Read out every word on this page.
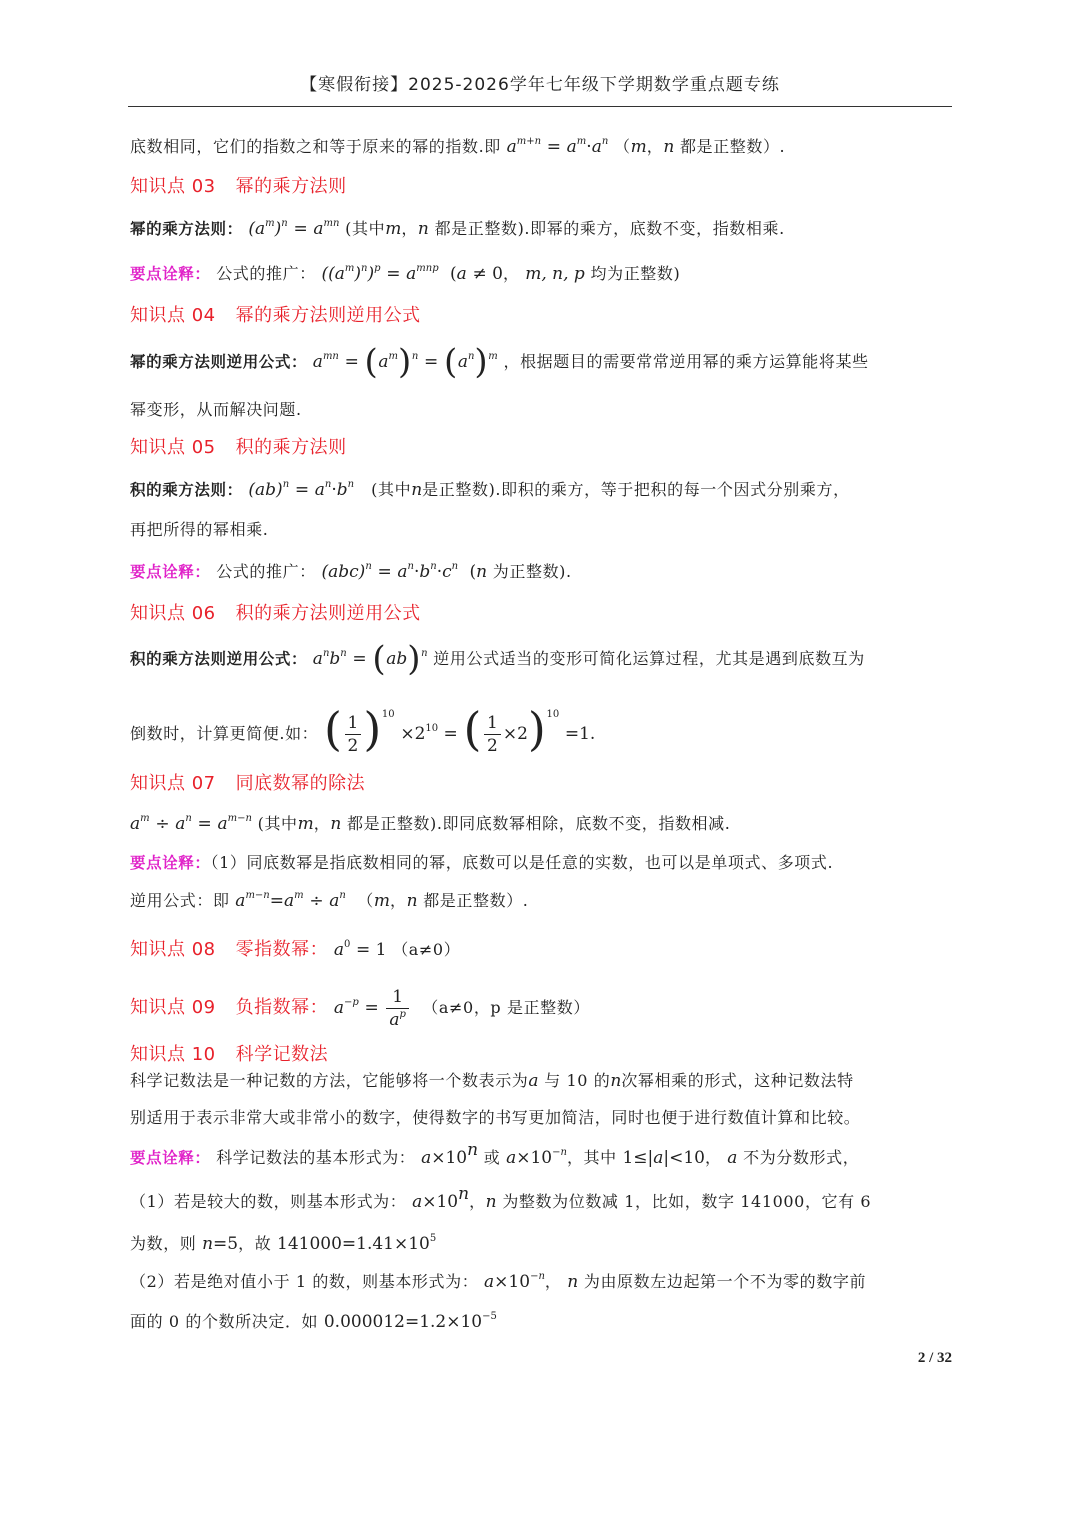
【寒假衔接】2025-2026学年七年级下学期数学重点题专练
底数相同，它们的指数之和等于原来的幂的指数.即 $a^{m+n} = a^m\cdot a^n$ （m，n 都是正整数）.
知识点 03 幂的乘方法则
幂的乘方法则： $(a^m)^n = a^{mn}$ (其中m，n 都是正整数).即幂的乘方，底数不变，指数相乘.
要点诠释： 公式的推广： $((a^m)^n)^p = a^{mnp}$ (a ≠ 0， m, n, p 均为正整数)
知识点 04 幂的乘方法则逆用公式
幂的乘方法则逆用公式： $a^{mn} = (a^m)^n = (a^n)^m$ ，根据题目的需要常常逆用幂的乘方运算能将某些
幂变形，从而解决问题.
知识点 05 积的乘方法则
积的乘方法则： $(ab)^n = a^n\cdot b^n$ (其中n是正整数).即积的乘方，等于把积的每一个因式分别乘方，
再把所得的幂相乘.
要点诠释： 公式的推广： $(abc)^n = a^n\cdot b^n\cdot c^n$ (n 为正整数).
知识点 06 积的乘方法则逆用公式
积的乘方法则逆用公式： $a^nb^n = (ab)^n$ 逆用公式适当的变形可简化运算过程，尤其是遇到底数互为
倒数时，计算更简便.如： ( $\frac{1}{2} )^{10} \times 2^{10}$ = ( $\frac{1}{2} \times 2)^{10} =1$.
知识点 07 同底数幂的除法
$a^m \div a^n = a^{m-n}$ (其中m，n 都是正整数).即同底数幂相除，底数不变，指数相减.
要点诠释：（1）同底数幂是指底数相同的幂，底数可以是任意的实数，也可以是单项式、多项式.
逆用公式：即 $a^{m-n}=a^m \div a^n$  （m，n 都是正整数）.
知识点 08 零指数幂： $a^0 = 1$ （a≠0）
知识点 09 负指数幂： $a^{-p} = \frac{1}{a^p} (a\ne 0$，p 是正整数）
知识点 10 科学记数法
科学记数法是一种记数的方法，它能够将一个数表示为a 与 10 的n次幂相乘的形式，这种记数法特
别适用于表示非常大或非常小的数字，使得数字的书写更加简洁，同时也便于进行数值计算和比较。
要点诠释： 科学记数法的基本形式为： $a\times 10^n$ 或 $a\times 10^{-n}$，其中 1≤|a|<10， a 不为分数形式，
（1）若是较大的数，则基本形式为： $a\times 10^n$，n 为整数为位数减 1，比如，数字 141000，它有 6
为数，则 n=5，故 $141000=1.41\times 10^5$
（2）若是绝对值小于 1 的数，则基本形式为： $a\times 10^{-n}$， n 为由原数左边起第一个不为零的数字前
面的 0 的个数所决定．如 $0.000012=1.2\times 10^{-5}$
2 / 32
